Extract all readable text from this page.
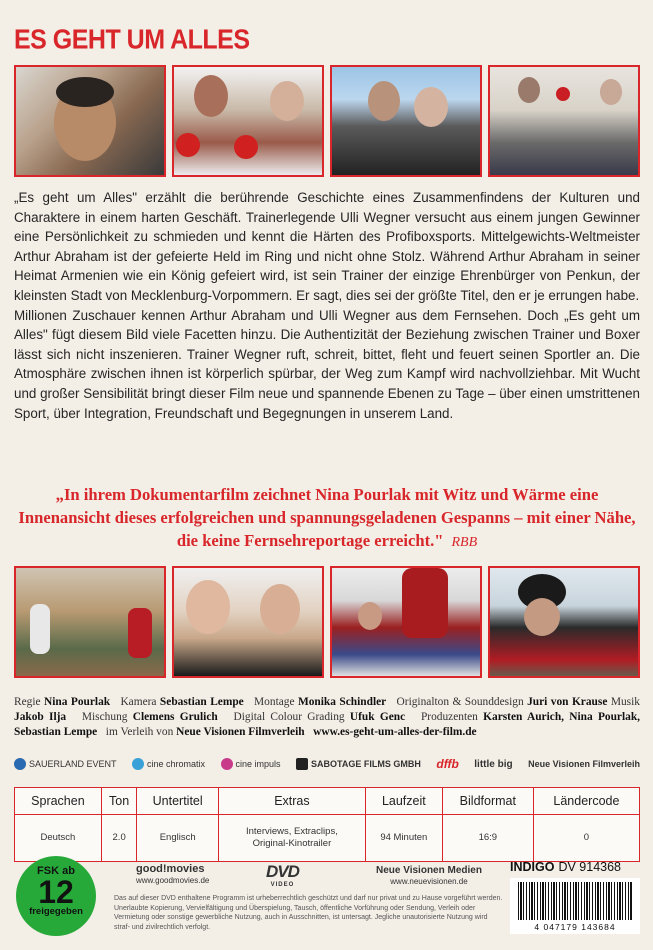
ES GEHT UM ALLES

„Es geht um Alles" erzählt die berührende Geschichte eines Zusammenfindens der Kulturen und Charaktere in einem harten Geschäft. Trainerlegende Ulli Wegner versucht aus einem jungen Gewinner eine Persönlichkeit zu schmieden und kennt die Härten des Profiboxsports. Mittelgewichts-Weltmeister Arthur Abraham ist der gefeierte Held im Ring und nicht ohne Stolz. Während Arthur Abraham in seiner Heimat Armenien wie ein König gefeiert wird, ist sein Trainer der einzige Ehrenbürger von Penkun, der kleinsten Stadt von Mecklenburg-Vorpommern. Er sagt, dies sei der größte Titel, den er je errungen habe.

Millionen Zuschauer kennen Arthur Abraham und Ulli Wegner aus dem Fernsehen. Doch „Es geht um Alles" fügt diesem Bild viele Facetten hinzu. Die Authentizität der Beziehung zwischen Trainer und Boxer lässt sich nicht inszenieren. Trainer Wegner ruft, schreit, bittet, fleht und feuert seinen Sportler an. Die Atmosphäre zwischen ihnen ist körperlich spürbar, der Weg zum Kampf wird nachvollziehbar. Mit Wucht und großer Sensibilität bringt dieser Film neue und spannende Ebenen zu Tage – über einen umstrittenen Sport, über Integration, Freundschaft und Begegnungen in unserem Land.

„In ihrem Dokumentarfilm zeichnet Nina Pourlak mit Witz und Wärme eine Innenansicht dieses erfolgreichen und spannungsgeladenen Gespanns – mit einer Nähe, die keine Fernsehreportage erreicht." RBB
Regie Nina Pourlak Kamera Sebastian Lempe Montage Monika Schindler Originalton & Sounddesign Juri von Krause Musik Jakob Ilja Mischung Clemens Grulich Digital Colour Grading Ufuk Genc Produzenten Karsten Aurich, Nina Pourlak, Sebastian Lempe im Verleih von Neue Visionen Filmverleih www.es-geht-um-alles-der-film.de
SAUERLAND EVENT	cine chromatix	cine impuls	SABOTAGE FILMS GMBH dffb little big Neue Visionen Filmverleih
Sprachen	Ton	Untertitel	Extras	Laufzeit	Bildformat	Ländercode
Deutsch	2.0	Englisch	Interviews, Extraclips, Original-Kinotrailer	94 Minuten	16:9	0
FSK ab
12
freigegeben
good!movies
www.goodmovies.de	DVD
VIDEO
Neue Visionen Medien
www.neuevisionen.de
Das auf dieser DVD enthaltene Programm ist urheberrechtlich geschützt und darf nur privat und zu Hause vorgeführt werden. Unerlaubte Kopierung, Vervielfältigung und Überspielung, Tausch, öffentliche Vorführung oder Sendung, Verleih oder Vermietung oder sonstige gewerbliche Nutzung, auch in Ausschnitten, ist untersagt. Jegliche unautorisierte Nutzung wird straf- und zivilrechtlich verfolgt.
INDIGO DV 914368
4 047179 143684
